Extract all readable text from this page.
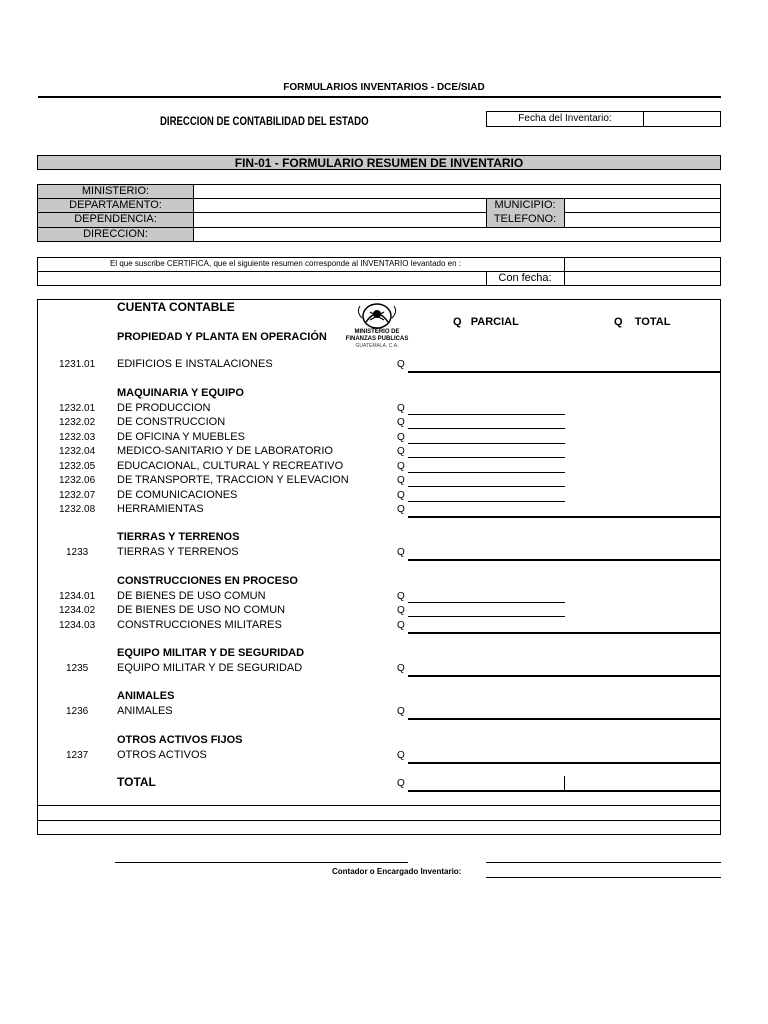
FORMULARIOS INVENTARIOS - DCE/SIAD
DIRECCION DE CONTABILIDAD DEL ESTADO	Fecha del Inventario:
FIN-01 - FORMULARIO RESUMEN DE INVENTARIO
MINISTERIO:
DEPARTAMENTO:
DEPENDENCIA:
DIRECCION:
MUNICIPIO:
TELEFONO:
El que suscribe CERTIFICA, que el siguiente resumen corresponde al INVENTARIO levantado en :
Con fecha:
CUENTA CONTABLE
Q   PARCIAL	Q    TOTAL
MINISTERIO DE
FINANZAS PUBLICAS
GUATEMALA, C.A.
PROPIEDAD Y PLANTA EN OPERACIÓN
1231.01 EDIFICIOS E INSTALACIONES	Q
MAQUINARIA Y EQUIPO
1232.01 DE PRODUCCION	Q
1232.02 DE CONSTRUCCION	Q
1232.03 DE OFICINA Y MUEBLES	Q
1232.04 MEDICO-SANITARIO Y DE LABORATORIO	Q
1232.05 EDUCACIONAL, CULTURAL Y RECREATIVO	Q
1232.06 DE TRANSPORTE, TRACCION Y ELEVACION	Q
1232.07 DE COMUNICACIONES	Q
1232.08 HERRAMIENTAS	Q
TIERRAS Y TERRENOS
1233	TIERRAS Y TERRENOS	Q
CONSTRUCCIONES EN PROCESO
1234.01 DE BIENES DE USO COMUN	Q
1234.02 DE BIENES DE USO NO COMUN	Q
1234.03 CONSTRUCCIONES MILITARES	Q
EQUIPO MILITAR Y DE SEGURIDAD
1235	EQUIPO MILITAR Y DE SEGURIDAD	Q
ANIMALES
1236	ANIMALES	Q
OTROS ACTIVOS FIJOS
1237	OTROS ACTIVOS	Q
TOTAL	Q
Contador o Encargado Inventario:
